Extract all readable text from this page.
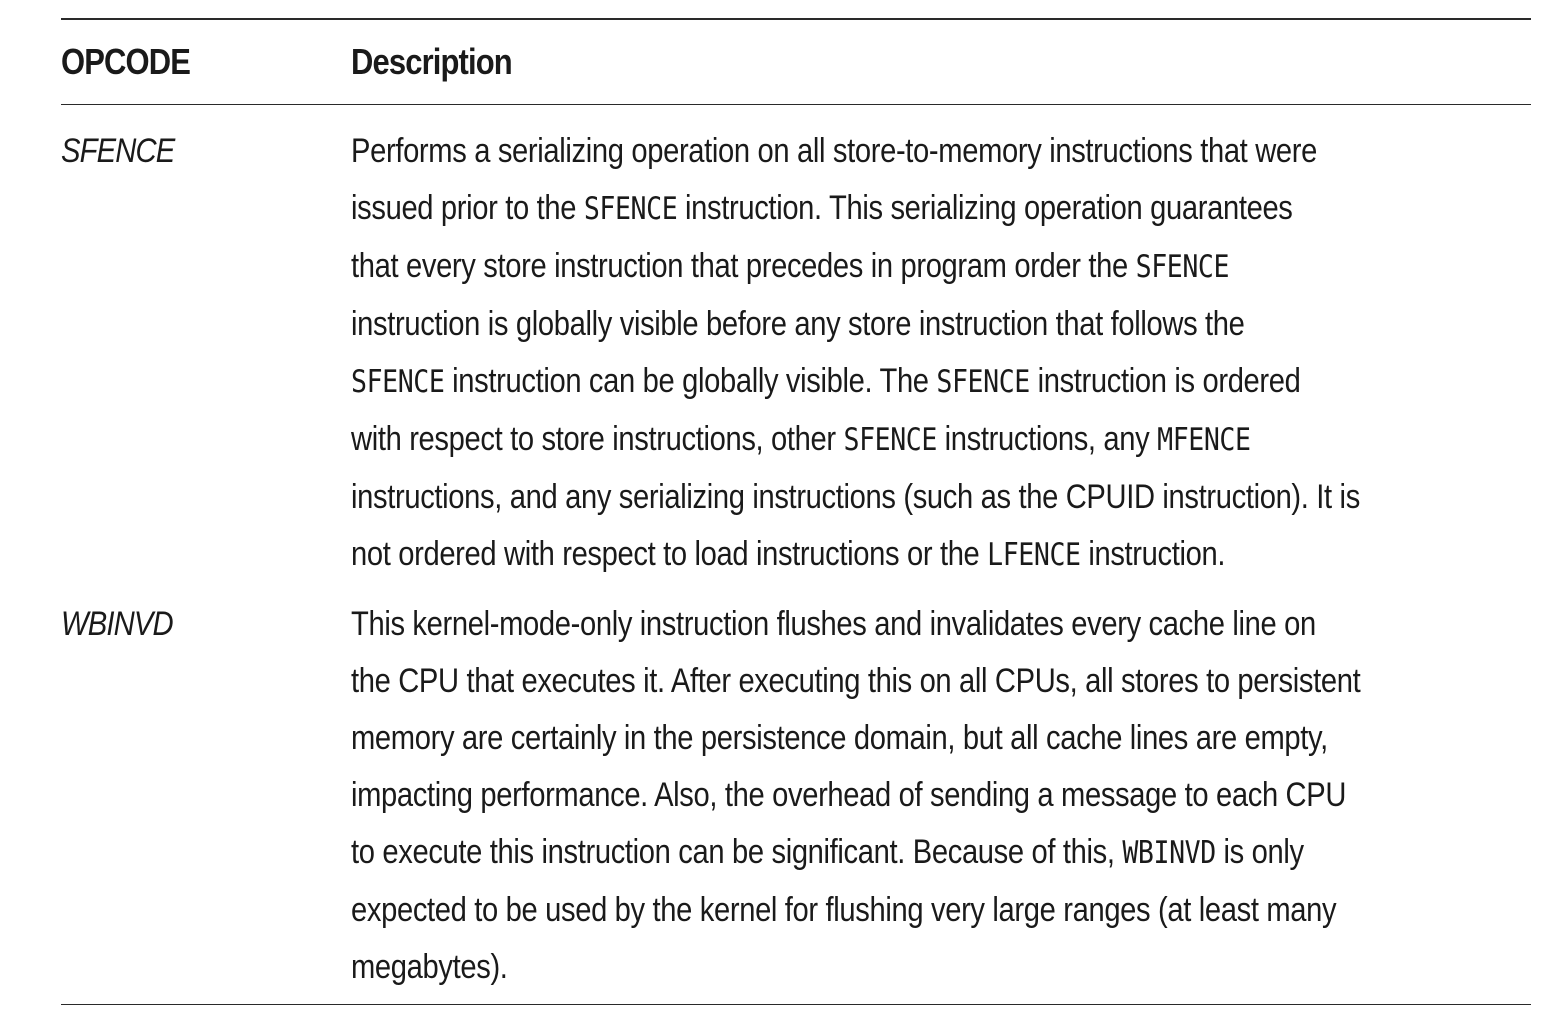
OPCODE	Description
SFENCE	Performs a serializing operation on all store-to-memory instructions that were
issued prior to the SFENCE instruction. This serializing operation guarantees
that every store instruction that precedes in program order the SFENCE
instruction is globally visible before any store instruction that follows the
SFENCE instruction can be globally visible. The SFENCE instruction is ordered
with respect to store instructions, other SFENCE instructions, any MFENCE
instructions, and any serializing instructions (such as the CPUID instruction). It is
not ordered with respect to load instructions or the LFENCE instruction.
WBINVD	This kernel-mode-only instruction flushes and invalidates every cache line on
the CPU that executes it. After executing this on all CPUs, all stores to persistent
memory are certainly in the persistence domain, but all cache lines are empty,
impacting performance. Also, the overhead of sending a message to each CPU
to execute this instruction can be significant. Because of this, WBINVD is only
expected to be used by the kernel for flushing very large ranges (at least many
megabytes).
